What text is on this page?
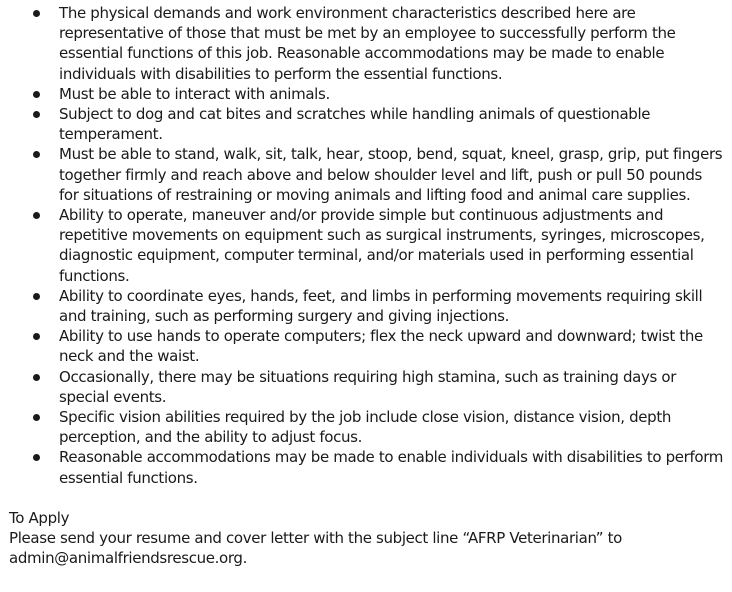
The physical demands and work environment characteristics described here are representative of those that must be met by an employee to successfully perform the essential functions of this job. Reasonable accommodations may be made to enable individuals with disabilities to perform the essential functions.
Must be able to interact with animals.
Subject to dog and cat bites and scratches while handling animals of questionable temperament.
Must be able to stand, walk, sit, talk, hear, stoop, bend, squat, kneel, grasp, grip, put fingers together firmly and reach above and below shoulder level and lift, push or pull 50 pounds for situations of restraining or moving animals and lifting food and animal care supplies.
Ability to operate, maneuver and/or provide simple but continuous adjustments and repetitive movements on equipment such as surgical instruments, syringes, microscopes, diagnostic equipment, computer terminal, and/or materials used in performing essential functions.
Ability to coordinate eyes, hands, feet, and limbs in performing movements requiring skill and training, such as performing surgery and giving injections.
Ability to use hands to operate computers; flex the neck upward and downward; twist the neck and the waist.
Occasionally, there may be situations requiring high stamina, such as training days or special events.
Specific vision abilities required by the job include close vision, distance vision, depth perception, and the ability to adjust focus.
Reasonable accommodations may be made to enable individuals with disabilities to perform essential functions.

To Apply

Please send your resume and cover letter with the subject line “AFRP Veterinarian” to admin@animalfriendsrescue.org.
